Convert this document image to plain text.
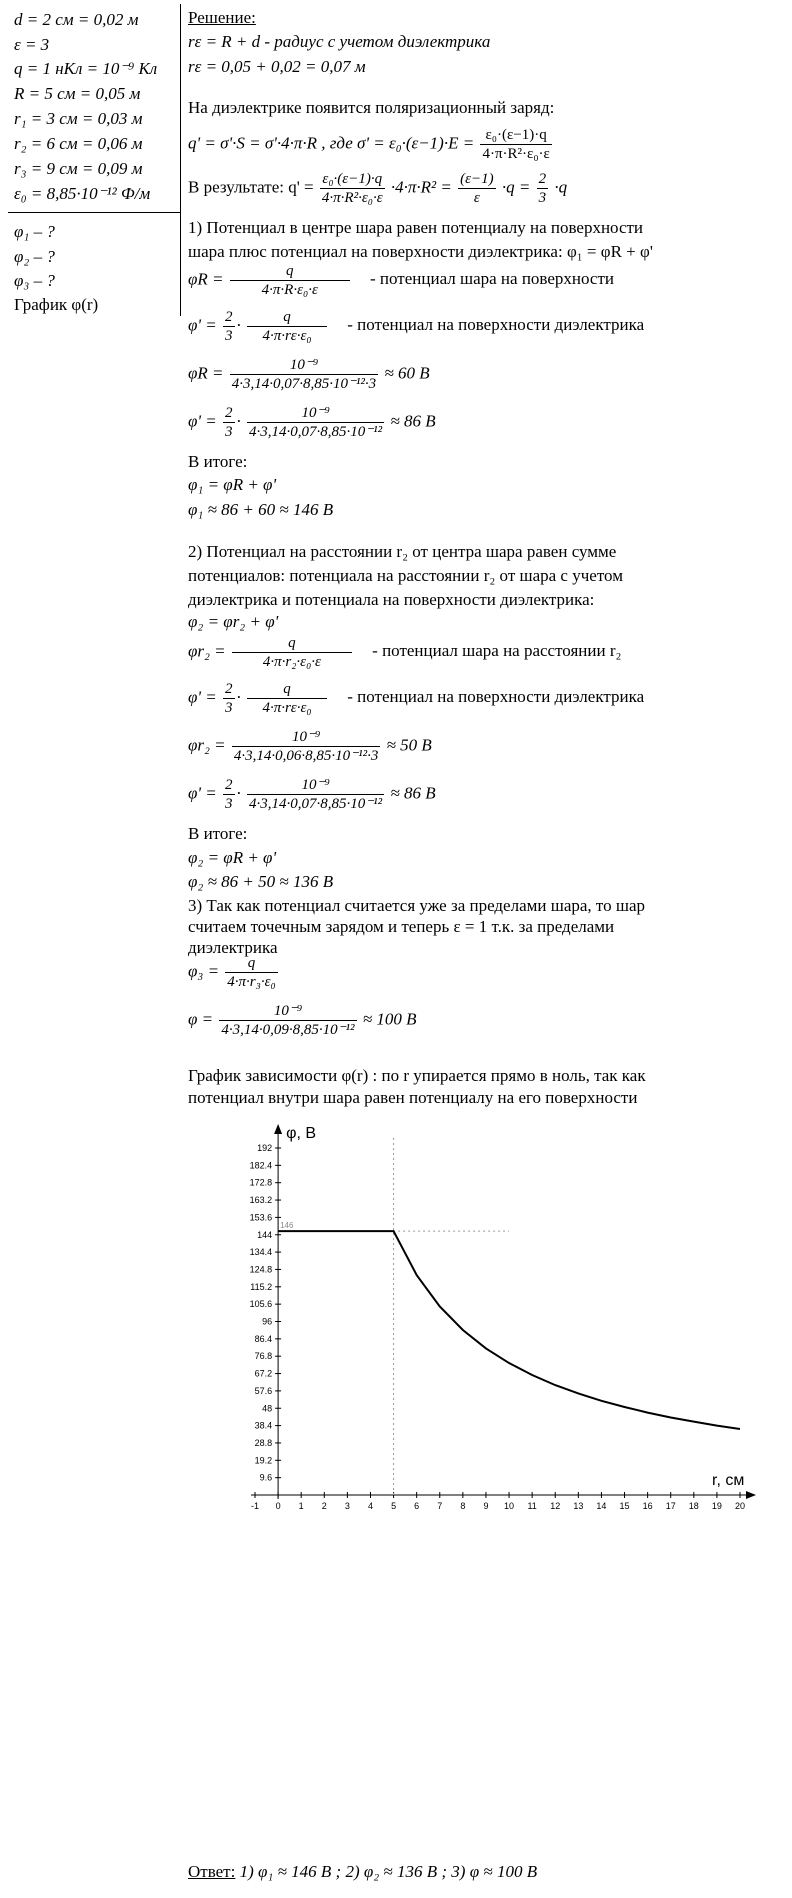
d = 2 см = 0,02 м
ε = 3
q = 1 нКл = 10⁻⁹ Кл
R = 5 см = 0,05 м
r₁ = 3 см = 0,03 м
r₂ = 6 см = 0,06 м
r₃ = 9 см = 0,09 м
ε₀ = 8,85·10⁻¹² Ф/м
φ₁ – ?
φ₂ – ?
φ₃ – ?
График φ(r)
Решение:
rε = R + d - радиус с учетом диэлектрика
rε = 0,05 + 0,02 = 0,07 м
На диэлектрике появится поляризационный заряд:
q' = σ'·S = σ'·4·π·R , где $\sigma' = \varepsilon_0\cdot(\varepsilon-1)\cdot E = \frac{\text{ε₀·(ε−1)·q}}{\text{4·π·R²·ε₀·ε}}$
В результате: $q' = \frac{\text{ε₀·(ε−1)·q}}{\text{4·π·R²·ε₀·ε}} \cdot 4\cdot\pi\cdot R^2 = \frac{(\varepsilon-1)}{\varepsilon} \cdot q = \frac{2}{3} \cdot q$
1) Потенциал в центре шара равен потенциалу на поверхности
шара плюс потенциал на поверхности диэлектрика: φ₁ = φR + φ'
$\varphi R = \frac{q}{\text{4·π·R·ε₀·ε}}$ - потенциал шара на поверхности
$\varphi' = \frac{2}{3} \cdot \frac{q}{\text{4·π·rε·ε₀}}$ - потенциал на поверхности диэлектрика
$\varphi R = \frac{\text{10⁻⁹}}{\text{4·3,14·0,07·8,85·10⁻¹²·3}} \approx 60$ В
$\varphi' = \frac{2}{3} \cdot \frac{\text{10⁻⁹}}{\text{4·3,14·0,07·8,85·10⁻¹²}} \approx 86$ В
В итоге:
φ₁ = φR + φ'
φ₁ ≈ 86 + 60 ≈ 146 В
2) Потенциал на расстоянии r₂ от центра шара равен сумме
потенциалов: потенциала на расстоянии r₂ от шара с учетом
диэлектрика и потенциала на поверхности диэлектрика:
φ₂ = φr₂ + φ'
$\varphi r_2 = \frac{q}{\text{4·π·r₂·ε₀·ε}}$ - потенциал шара на расстоянии r₂
$\varphi' = \frac{2}{3} \cdot \frac{q}{\text{4·π·rε·ε₀}}$ - потенциал на поверхности диэлектрика
$\varphi r_2 = \frac{\text{10⁻⁹}}{\text{4·3,14·0,06·8,85·10⁻¹²·3}} \approx 50$ В
$\varphi' = \frac{2}{3} \cdot \frac{\text{10⁻⁹}}{\text{4·3,14·0,07·8,85·10⁻¹²}} \approx 86$ В
В итоге:
φ₂ = φR + φ'
φ₂ ≈ 86 + 50 ≈ 136 В
3) Так как потенциал считается уже за пределами шара, то шар
считаем точечным зарядом и теперь ε = 1 т.к. за пределами
диэлектрика
$\varphi_3 = \frac{q}{\text{4·π·r₃·ε₀}}$
$\varphi = \frac{\text{10⁻⁹}}{\text{4·3,14·0,09·8,85·10⁻¹²}} \approx 100$ В
График зависимости φ(r) : по r упирается прямо в ноль, так как
потенциал внутри шара равен потенциалу на его поверхности
φ, В
r, см
9.6
19.2
28.8
38.4
48
57.6
67.2
76.8
86.4
96
105.6
115.2
124.8
134.4
144
153.6
163.2
172.8
182.4
192
-1 0 1 2 3 4 5 6 7 8 9 10 11 12 13 14 15 16 17 18 19 20
146
Ответ: 1) φ₁ ≈ 146 В ; 2) φ₂ ≈ 136 В ; 3) φ ≈ 100 В
